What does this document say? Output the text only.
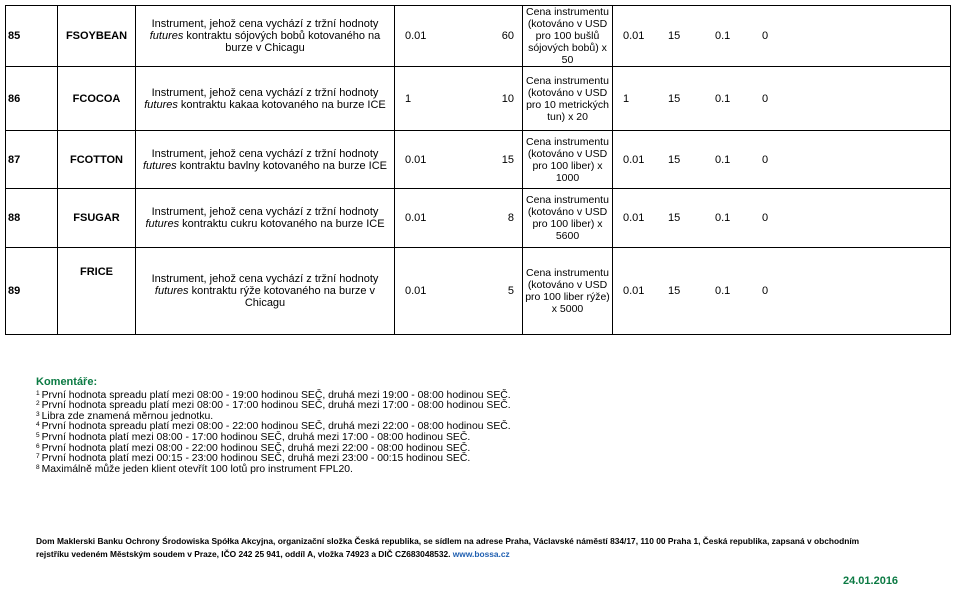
85	FSOYBEAN	Instrument, jehož cena vychází z tržní hodnoty futures kontraktu sójových bobů kotovaného na burze v Chicagu	0.01 60	Cena instrumentu (kotováno v USD pro 100 bušlů sójových bobů) x 50	0.01 15 0.1 0

86	FCOCOA	Instrument, jehož cena vychází z tržní hodnoty futures kontraktu kakaa kotovaného na burze ICE	1 10	Cena instrumentu (kotováno v USD pro 10 metrických tun) x 20	1 15 0.1 0

87	FCOTTON	Instrument, jehož cena vychází z tržní hodnoty futures kontraktu bavlny kotovaného na burze ICE	0.01 15	Cena instrumentu (kotováno v USD pro 100 liber) x 1000	0.01 15 0.1 0

88	FSUGAR	Instrument, jehož cena vychází z tržní hodnoty futures kontraktu cukru kotovaného na burze ICE	0.01 8	Cena instrumentu (kotováno v USD pro 100 liber) x 5600	0.01 15 0.1 0

89	FRICE	Instrument, jehož cena vychází z tržní hodnoty futures kontraktu rýže kotovaného na burze v Chicagu	0.01 5	Cena instrumentu (kotováno v USD pro 100 liber rýže) x 5000	0.01 15 0.1 0
Komentáře:
$^1$ První hodnota spreadu platí mezi 08:00 - 19:00 hodinou SEČ, druhá mezi 19:00 - 08:00 hodinou SEČ.
$^2$ První hodnota spreadu platí mezi 08:00 - 17:00 hodinou SEČ, druhá mezi 17:00 - 08:00 hodinou SEČ.
$^3$ Libra zde znamená měrnou jednotku.
$^4$ První hodnota spreadu platí mezi 08:00 - 22:00 hodinou SEČ, druhá mezi 22:00 - 08:00 hodinou SEČ.
$^5$ První hodnota platí mezi 08:00 - 17:00 hodinou SEČ, druhá mezi 17:00 - 08:00 hodinou SEČ.
$^6$ První hodnota platí mezi 08:00 - 22:00 hodinou SEČ, druhá mezi 22:00 - 08:00 hodinou SEČ.
$^7$ První hodnota platí mezi 00:15 - 23:00 hodinou SEČ, druhá mezi 23:00 - 00:15 hodinou SEČ.
$^8$ Maximálně může jeden klient otevřít 100 lotů pro instrument FPL20.
Dom Maklerski Banku Ochrony Środowiska Spółka Akcyjna, organizační složka Česká republika, se sídlem na adrese Praha, Václavské náměstí 834/17, 110 00 Praha 1, Česká republika, zapsaná v obchodním
rejstříku vedeném Městským soudem v Praze, IČO 242 25 941, oddíl A, vložka 74923 a DIČ CZ683048532. www.bossa.cz
24.01.2016
